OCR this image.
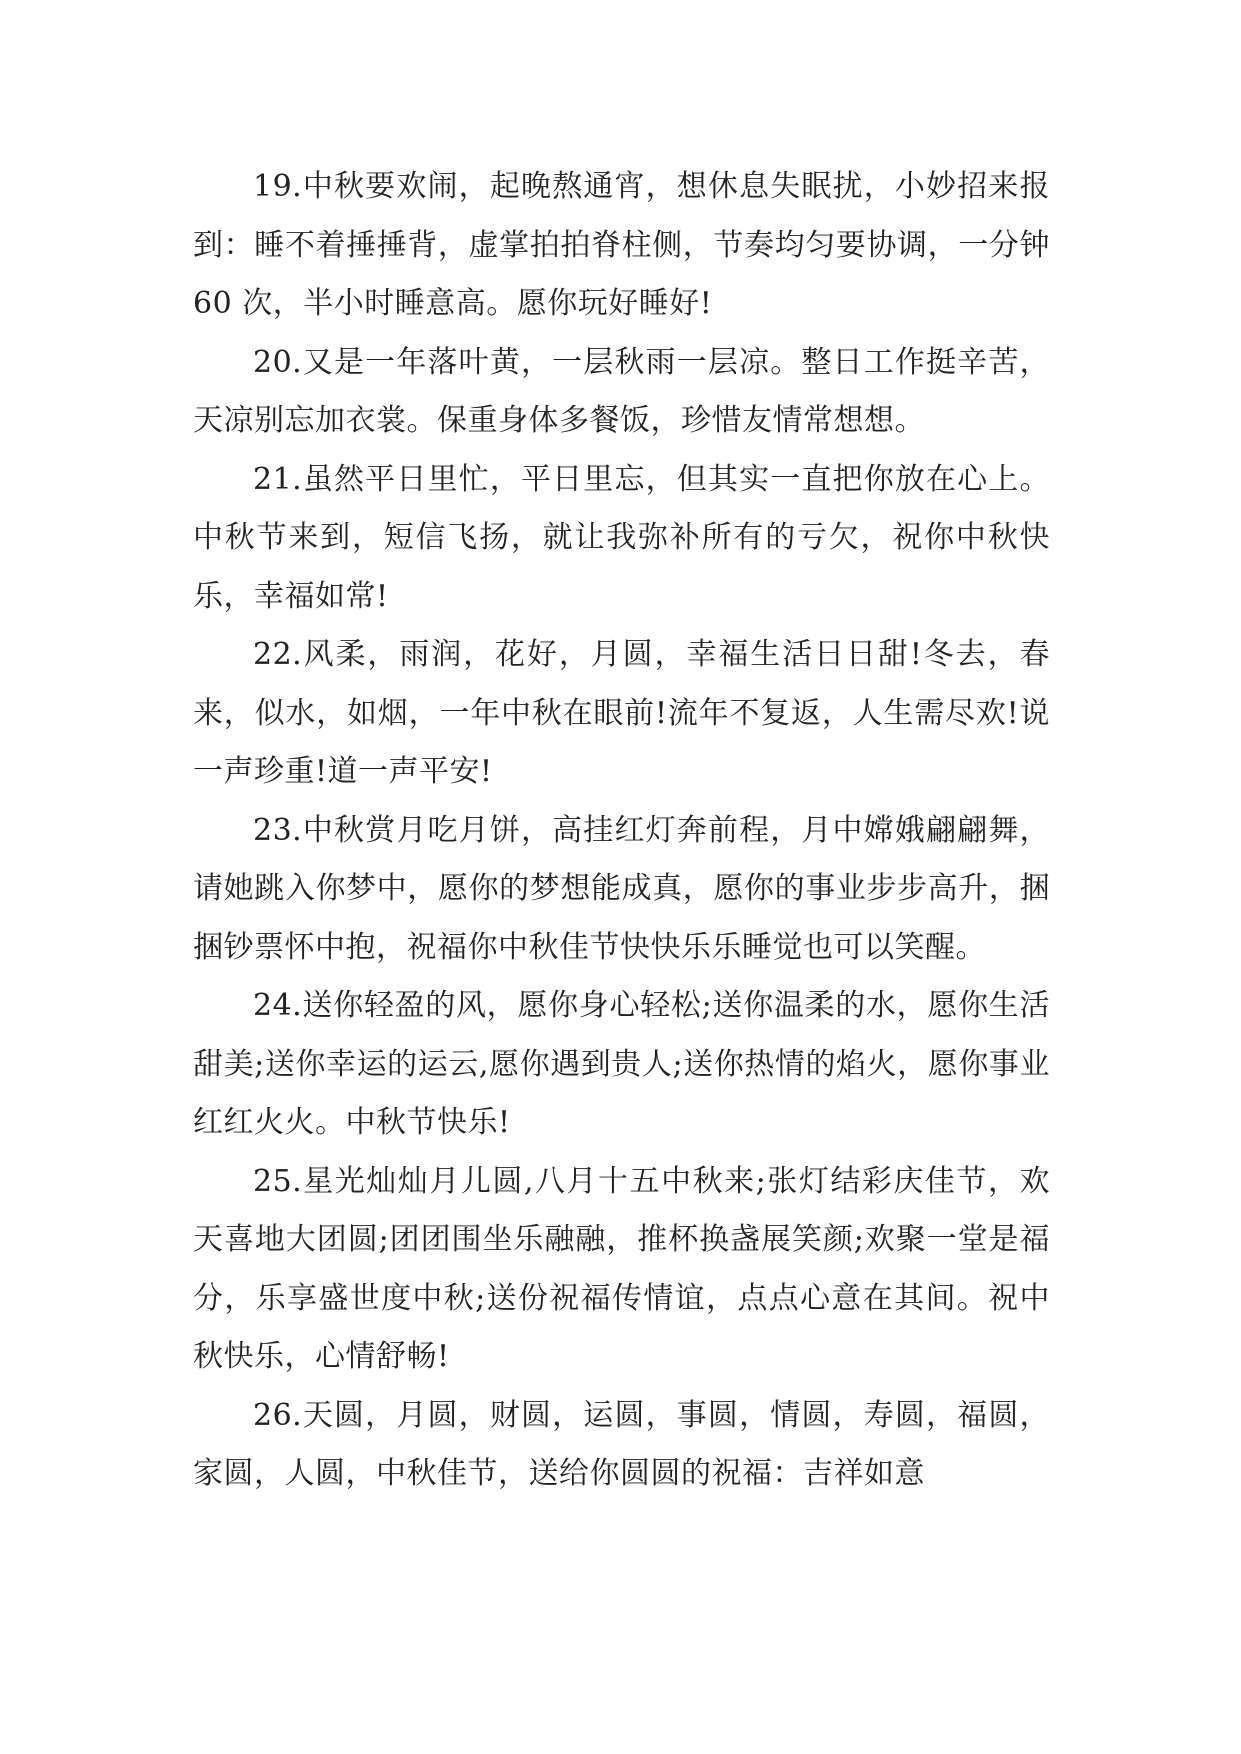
19.中秋要欢闹，起晚熬通宵，想休息失眠扰，小妙招来报到：睡不着捶捶背，虚掌拍拍脊柱侧，节奏均匀要协调，一分钟 60 次，半小时睡意高。愿你玩好睡好!

20.又是一年落叶黄，一层秋雨一层凉。整日工作挺辛苦，天凉别忘加衣裳。保重身体多餐饭，珍惜友情常想想。

21.虽然平日里忙，平日里忘，但其实一直把你放在心上。中秋节来到，短信飞扬，就让我弥补所有的亏欠，祝你中秋快乐，幸福如常!

22.风柔，雨润，花好，月圆，幸福生活日日甜!冬去，春来，似水，如烟，一年中秋在眼前!流年不复返，人生需尽欢!说一声珍重!道一声平安!

23.中秋赏月吃月饼，高挂红灯奔前程，月中嫦娥翩翩舞，请她跳入你梦中，愿你的梦想能成真，愿你的事业步步高升，捆捆钞票怀中抱，祝福你中秋佳节快快乐乐睡觉也可以笑醒。

24.送你轻盈的风，愿你身心轻松;送你温柔的水，愿你生活甜美;送你幸运的运云,愿你遇到贵人;送你热情的焰火，愿你事业红红火火。中秋节快乐!

25.星光灿灿月儿圆,八月十五中秋来;张灯结彩庆佳节，欢天喜地大团圆;团团围坐乐融融，推杯换盏展笑颜;欢聚一堂是福分，乐享盛世度中秋;送份祝福传情谊，点点心意在其间。祝中秋快乐，心情舒畅!

26.天圆，月圆，财圆，运圆，事圆，情圆，寿圆，福圆，家圆，人圆，中秋佳节，送给你圆圆的祝福：吉祥如意
